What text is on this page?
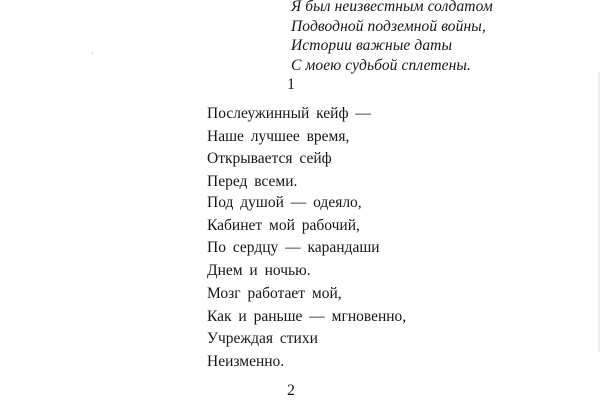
Я был неизвестным солдатом
Подводной подземной войны,
Истории важные даты
С моею судьбой сплетены.
1
Послеужинный кейф —
Наше лучшее время,
Открывается сейф
Перед всеми.
Под душой — одеяло,
Кабинет мой рабочий,
По сердцу — карандаши
Днем и ночью.
Мозг работает мой,
Как и раньше — мгновенно,
Учреждая стихи
Неизменно.
2
